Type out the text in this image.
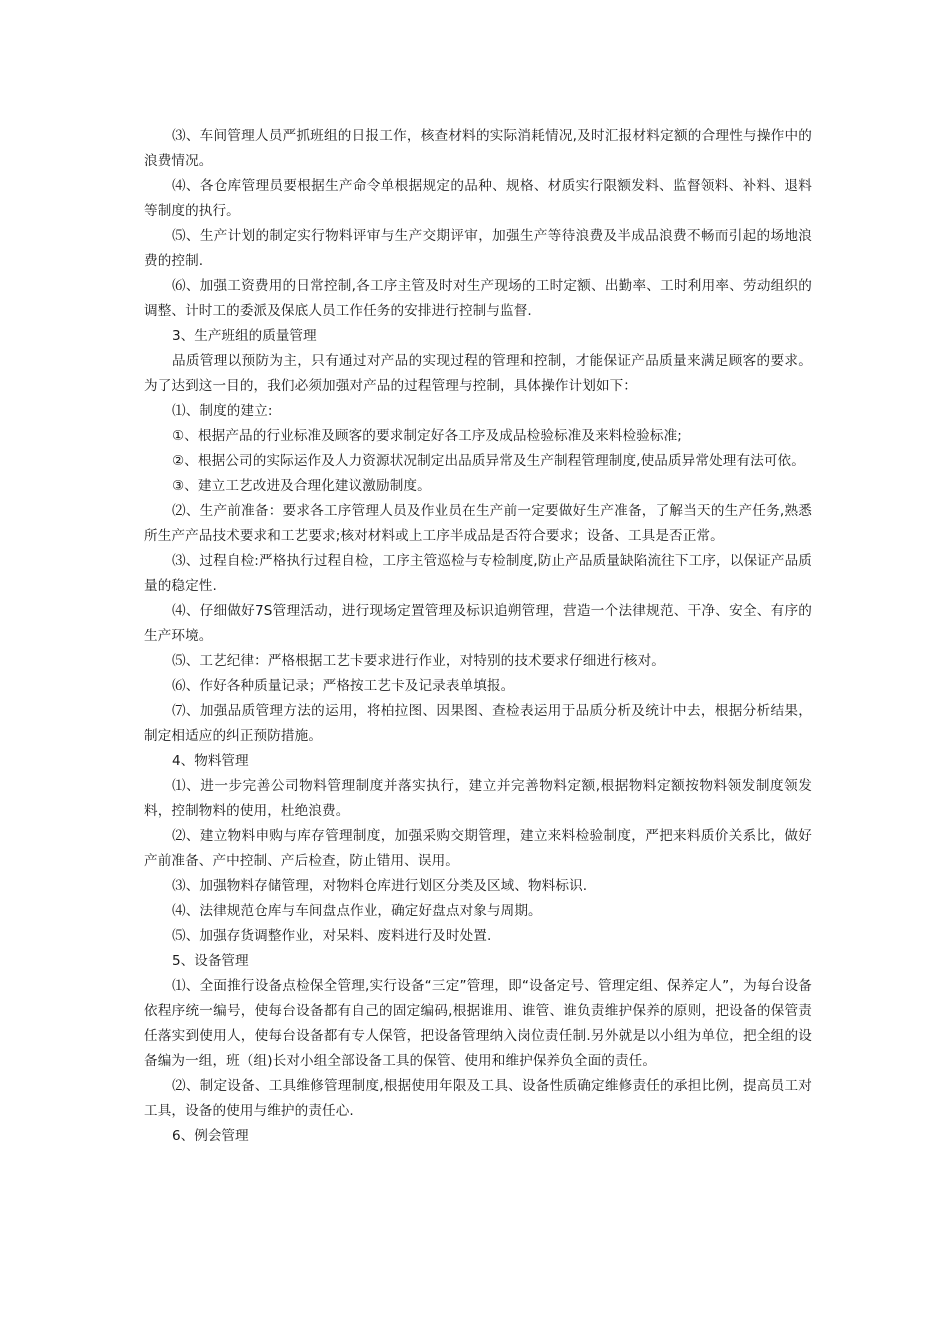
⑶、车间管理人员严抓班组的日报工作，核查材料的实际消耗情况,及时汇报材料定额的合理性与操作中的浪费情况。

⑷、各仓库管理员要根据生产命令单根据规定的品种、规格、材质实行限额发料、监督领料、补料、退料等制度的执行。

⑸、生产计划的制定实行物料评审与生产交期评审，加强生产等待浪费及半成品浪费不畅而引起的场地浪费的控制.

⑹、加强工资费用的日常控制,各工序主管及时对生产现场的工时定额、出勤率、工时利用率、劳动组织的调整、计时工的委派及保底人员工作任务的安排进行控制与监督.

3、生产班组的质量管理

品质管理以预防为主，只有通过对产品的实现过程的管理和控制，才能保证产品质量来满足顾客的要求。为了达到这一目的，我们必须加强对产品的过程管理与控制，具体操作计划如下：

⑴、制度的建立:

①、根据产品的行业标准及顾客的要求制定好各工序及成品检验标准及来料检验标准;

②、根据公司的实际运作及人力资源状况制定出品质异常及生产制程管理制度,使品质异常处理有法可依。

③、建立工艺改进及合理化建议激励制度。

⑵、生产前准备：要求各工序管理人员及作业员在生产前一定要做好生产准备，了解当天的生产任务,熟悉所生产产品技术要求和工艺要求;核对材料或上工序半成品是否符合要求；设备、工具是否正常。

⑶、过程自检:严格执行过程自检，工序主管巡检与专检制度,防止产品质量缺陷流往下工序，以保证产品质量的稳定性.

⑷、仔细做好7S管理活动，进行现场定置管理及标识追朔管理，营造一个法律规范、干净、安全、有序的生产环境。

⑸、工艺纪律：严格根据工艺卡要求进行作业，对特别的技术要求仔细进行核对。

⑹、作好各种质量记录；严格按工艺卡及记录表单填报。

⑺、加强品质管理方法的运用，将柏拉图、因果图、查检表运用于品质分析及统计中去，根据分析结果，制定相适应的纠正预防措施。

4、物料管理

⑴、进一步完善公司物料管理制度并落实执行，建立并完善物料定额,根据物料定额按物料领发制度领发料，控制物料的使用，杜绝浪费。

⑵、建立物料申购与库存管理制度，加强采购交期管理，建立来料检验制度，严把来料质价关系比，做好产前准备、产中控制、产后检查，防止错用、误用。

⑶、加强物料存储管理，对物料仓库进行划区分类及区域、物料标识.

⑷、法律规范仓库与车间盘点作业，确定好盘点对象与周期。

⑸、加强存货调整作业，对呆料、废料进行及时处置.

5、设备管理

⑴、全面推行设备点检保全管理,实行设备“三定”管理，即“设备定号、管理定组、保养定人”，为每台设备依程序统一编号，使每台设备都有自己的固定编码,根据谁用、谁管、谁负责维护保养的原则，把设备的保管责任落实到使用人，使每台设备都有专人保管，把设备管理纳入岗位责任制.另外就是以小组为单位，把全组的设备编为一组，班（组)长对小组全部设备工具的保管、使用和维护保养负全面的责任。

⑵、制定设备、工具维修管理制度,根据使用年限及工具、设备性质确定维修责任的承担比例，提高员工对工具，设备的使用与维护的责任心.

6、例会管理
